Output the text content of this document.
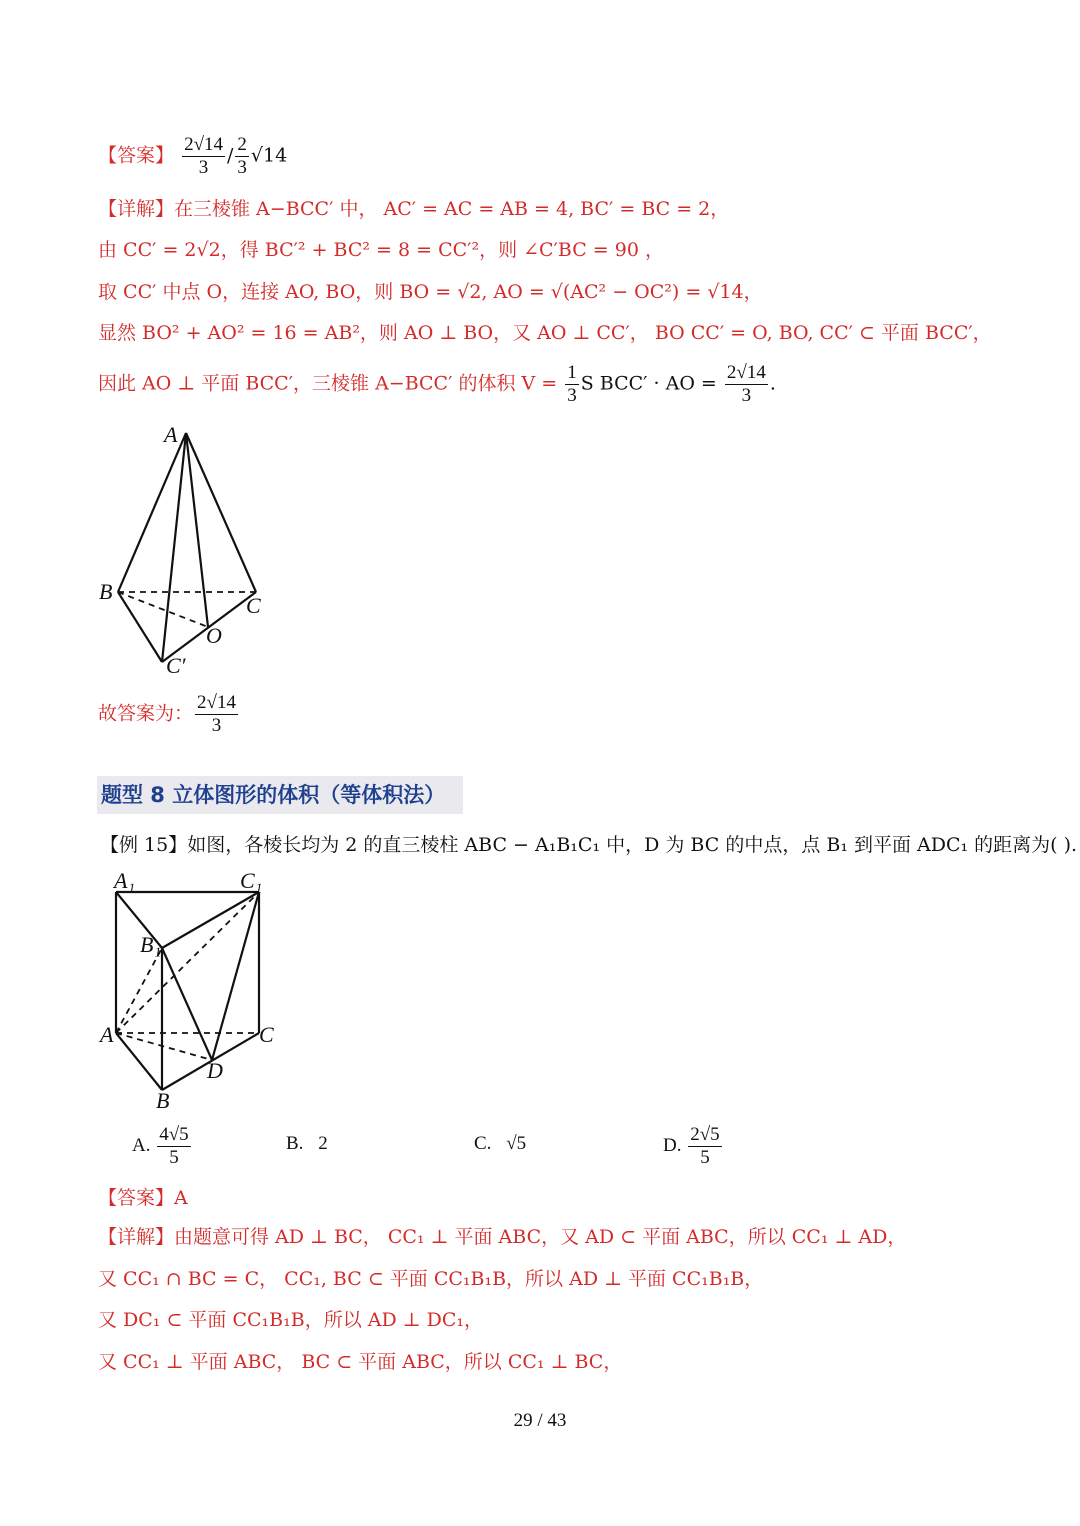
【答案】 $\frac{2√14}{3} / \frac{2}{3} √14$
【详解】在三棱锥 A−BCC′ 中， AC′ = AC = AB = 4, BC′ = BC = 2，
由 CC′ = 2√2，得 BC′² + BC² = 8 = CC′²，则 ∠C′BC = 90 ，
取 CC′ 中点 O，连接 AO, BO，则 BO = √2, AO = √(AC² − OC²) = √14，
显然 BO² + AO² = 16 = AB²，则 AO ⊥ BO，又 AO ⊥ CC′， BO CC′ = O, BO, CC′ ⊂ 平面 BCC′，
因此 AO ⊥ 平面 BCC′，三棱锥 A−BCC′ 的体积 $V = \frac{1}{3}$ S BCC′ · AO = $\frac{2√14}{3}$ .
A
B
C
O
C′
故答案为： $\frac{2√14}{3}$
题型 8 立体图形的体积（等体积法）
【例 15】如图，各棱长均为 2 的直三棱柱 ABC − A₁B₁C₁ 中，D 为 BC 的中点，点 B₁ 到平面 ADC₁ 的距离为( ).
A₁	C₁
B₁
A	C
D
B
A. $\frac{4√5}{5}$	B. 2	C. √5	D. $\frac{2√5}{5}$
【答案】A
【详解】由题意可得 AD ⊥ BC， CC₁ ⊥ 平面 ABC，又 AD ⊂ 平面 ABC，所以 CC₁ ⊥ AD，
又 CC₁ ∩ BC = C， CC₁, BC ⊂ 平面 CC₁B₁B，所以 AD ⊥ 平面 CC₁B₁B，
又 DC₁ ⊂ 平面 CC₁B₁B，所以 AD ⊥ DC₁，
又 CC₁ ⊥ 平面 ABC， BC ⊂ 平面 ABC，所以 CC₁ ⊥ BC，
29 / 43
